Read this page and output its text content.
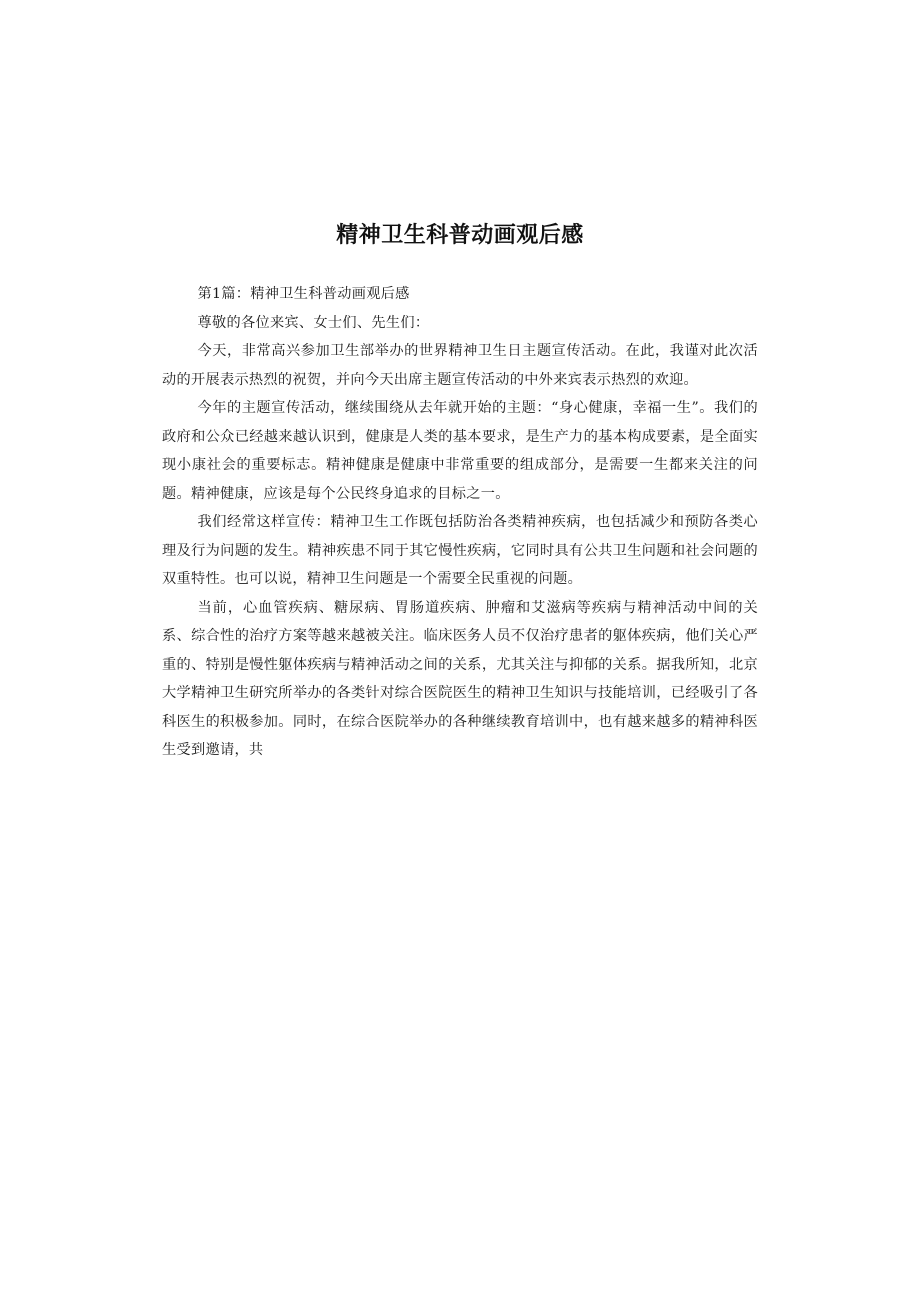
精神卫生科普动画观后感

第1篇：精神卫生科普动画观后感

尊敬的各位来宾、女士们、先生们：

今天，非常高兴参加卫生部举办的世界精神卫生日主题宣传活动。在此，我谨对此次活动的开展表示热烈的祝贺，并向今天出席主题宣传活动的中外来宾表示热烈的欢迎。

今年的主题宣传活动，继续围绕从去年就开始的主题：“身心健康，幸福一生”。我们的政府和公众已经越来越认识到，健康是人类的基本要求，是生产力的基本构成要素，是全面实现小康社会的重要标志。精神健康是健康中非常重要的组成部分，是需要一生都来关注的问题。精神健康，应该是每个公民终身追求的目标之一。

我们经常这样宣传：精神卫生工作既包括防治各类精神疾病，也包括减少和预防各类心理及行为问题的发生。精神疾患不同于其它慢性疾病，它同时具有公共卫生问题和社会问题的双重特性。也可以说，精神卫生问题是一个需要全民重视的问题。

当前，心血管疾病、糖尿病、胃肠道疾病、肿瘤和艾滋病等疾病与精神活动中间的关系、综合性的治疗方案等越来越被关注。临床医务人员不仅治疗患者的躯体疾病，他们关心严重的、特别是慢性躯体疾病与精神活动之间的关系，尤其关注与抑郁的关系。据我所知，北京大学精神卫生研究所举办的各类针对综合医院医生的精神卫生知识与技能培训，已经吸引了各科医生的积极参加。同时，在综合医院举办的各种继续教育培训中，也有越来越多的精神科医生受到邀请，共
